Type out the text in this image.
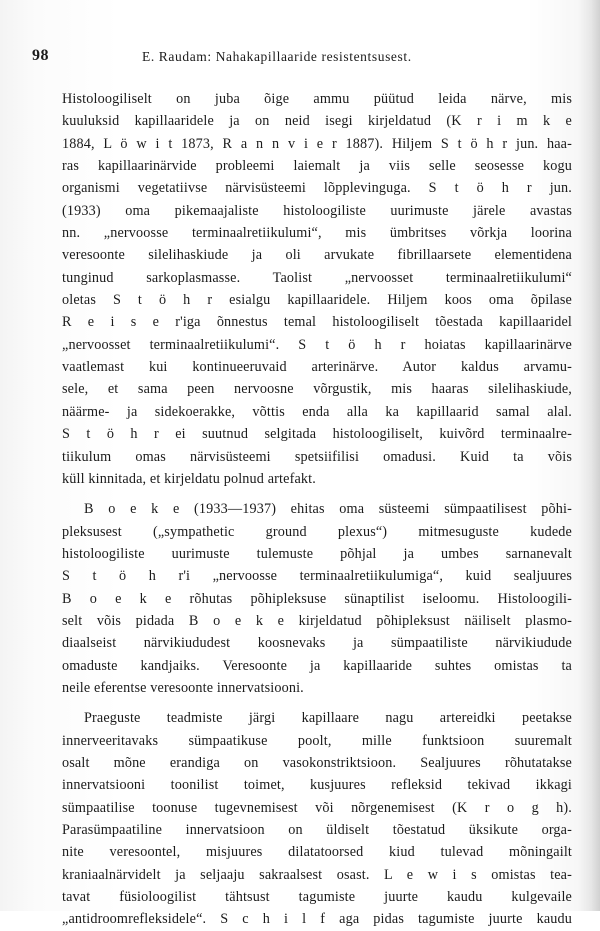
98	E. Raudam: Nahakapillaaride resistentsusest.
Histoloogiliselt on juba õige ammu püütud leida närve, mis
kuuluksid kapillaaridele ja on neid isegi kirjeldatud (K r i m k e
1884, L ö w i t 1873, R a n n v i e r 1887). Hiljem S t ö h r jun. haa-
ras kapillaarinärvide probleemi laiemalt ja viis selle seosesse kogu
organismi vegetatiivse närvisüsteemi lõpplevinguga. S t ö h r jun.
(1933) oma pikemaajaliste histoloogiliste uurimuste järele avastas
nn. „nervoosse terminaalretiikulumi“, mis ümbritses võrkja loorina
veresoonte silelihaskiude ja oli arvukate fibrillaarsete elementidena
tunginud sarkoplasmasse. Taolist „nervoosset terminaalretiikulumi“
oletas S t ö h r esialgu kapillaaridele. Hiljem koos oma õpilase
R e i s e r'iga õnnestus temal histoloogiliselt tõestada kapillaaridel
„nervoosset terminaalretiikulumi“. S t ö h r hoiatas kapillaarinärve
vaatlemast kui kontinueeruvaid arterinärve. Autor kaldus arvamu-
sele, et sama peen nervoosne võrgustik, mis haaras silelihaskiude,
näärme- ja sidekoerakke, võttis enda alla ka kapillaarid samal alal.
S t ö h r ei suutnud selgitada histoloogiliselt, kuivõrd terminaalre-
tiikulum omas närvisüsteemi spetsiifilisi omadusi. Kuid ta võis
küll kinnitada, et kirjeldatu polnud artefakt.
B o e k e (1933—1937) ehitas oma süsteemi sümpaatilisest põhi-
pleksusest („sympathetic ground plexus“) mitmesuguste kudede
histoloogiliste uurimuste tulemuste põhjal ja umbes sarnanevalt
S t ö h r'i „nervoosse terminaalretiikulumiga“, kuid sealjuures
B o e k e rõhutas põhipleksuse sünaptilist iseloomu. Histoloogili-
selt võis pidada B o e k e kirjeldatud põhipleksust näiliselt plasmo-
diaalseist närvikiududest koosnevaks ja sümpaatiliste närvikiudude
omaduste kandjaiks. Veresoonte ja kapillaaride suhtes omistas ta
neile eferentse veresoonte innervatsiooni.
Praeguste teadmiste järgi kapillaare nagu artereidki peetakse
innerveeritavaks sümpaatikuse poolt, mille funktsioon suuremalt
osalt mõne erandiga on vasokonstriktsioon. Sealjuures rõhutatakse
innervatsiooni toonilist toimet, kusjuures refleksid tekivad ikkagi
sümpaatilise toonuse tugevnemisest või nõrgenemisest (K r o g h).
Parasümpaatiline innervatsioon on üldiselt tõestatud üksikute orga-
nite veresoontel, misjuures dilatatoorsed kiud tulevad mõningailt
kraniaalnärvidelt ja seljaaju sakraalsest osast. L e w i s omistas tea-
tavat füsioloogilist tähtsust tagumiste juurte kaudu kulgevaile
„antidroomrefleksidele“. S c h i l f aga pidas tagumiste juurte kaudu
